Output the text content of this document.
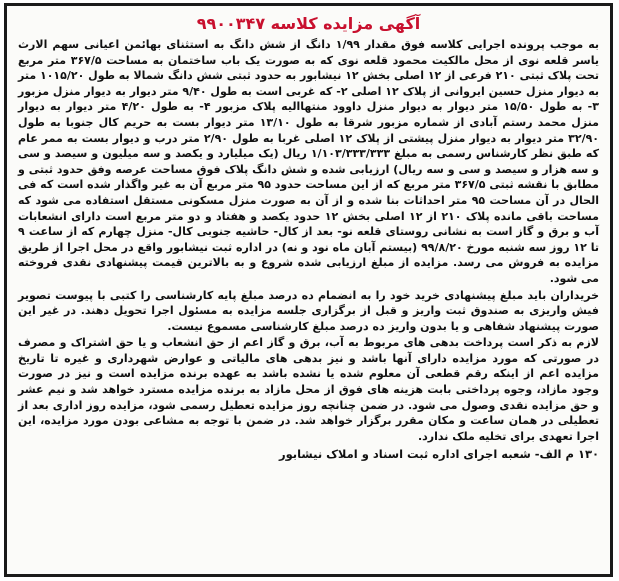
آگهی مزایده کلاسه ۹۹۰۰۳۴۷

به موجب پرونده اجرایی کلاسه فوق مقدار ۱/۹۹ دانگ از شش دانگ به استثنای بهائمن اعیانی سهم الارث یاسر قلعه نوی از محل مالکیت محمود قلعه نوی که به صورت یک باب ساختمان به مساحت ۳۶۷/۵ متر مربع تحت پلاک ثبتی ۲۱۰ فرعی از ۱۲ اصلی بخش ۱۲ نیشابور به حدود ثبتی شش دانگ شمالا به طول ۱۰۱۵/۲۰ متر به دیوار منزل حسین ایروانی از پلاک ۱۲ اصلی ۲- که غربی است به طول ۹/۴۰ متر دیوار به دیوار منزل مزبور ۳- به طول ۱۵/۵۰ متر دیوار به دیوار منزل داوود منتهاالیه پلاک مزبور ۴- به طول ۴/۲۰ متر دیوار به دیوار منزل محمد رستم آبادی از شماره مزبور شرقا به طول ۱۳/۱۰ متر دیوار بست به حریم کال جنوبا به طول ۳۲/۹۰ متر دیوار به دیوار منزل پیشتی از پلاک ۱۲ اصلی غربا به طول ۲/۹۰ متر درب و دیوار بست به ممر عام که طبق نظر کارشناس رسمی به مبلغ ۱/۱۰۳/۳۳۳/۳۳۳ ریال (یک میلیارد و یکصد و سه میلیون و سیصد و سی و سه هزار و سیصد و سی و سه ریال) ارزیابی شده و شش دانگ پلاک فوق مساحت عرصه وفق حدود ثبتی و مطابق با نقشه ثبتی ۳۶۷/۵ متر مربع که از این مساحت حدود ۹۵ متر مربع آن به غیر واگذار شده است که فی الحال در آن مساحت ۹۵ متر احداثات بنا شده و از آن به صورت منزل مسکونی مستقل استفاده می شود که مساحت باقی مانده پلاک ۲۱۰ از ۱۲ اصلی بخش ۱۲ حدود یکصد و هفتاد و دو متر مربع است دارای انشعابات آب و برق و گاز است به نشانی روستای قلعه نو- بعد از کال- حاشیه جنوبی کال- منزل چهارم که از ساعت ۹ تا ۱۲ روز سه شنبه مورخ ۹۹/۸/۲۰ (بیستم آبان ماه نود و نه) در اداره ثبت نیشابور واقع در محل اجرا از طریق مزایده به فروش می رسد. مزایده از مبلغ ارزیابی شده شروع و به بالاترین قیمت پیشنهادی نقدی فروخته می شود.

خریداران باید مبلغ پیشنهادی خرید خود را به انضمام ده درصد مبلغ پایه کارشناسی را کتبی با پیوست تصویر فیش واریزی به صندوق ثبت واریز و قبل از برگزاری جلسه مزایده به مسئول اجرا تحویل دهند. در غیر این صورت پیشنهاد شفاهی و یا بدون واریز ده درصد مبلغ کارشناسی مسموع نیست.

لازم به ذکر است پرداخت بدهی های مربوط به آب، برق و گاز اعم از حق انشعاب و یا حق اشتراک و مصرف در صورتی که مورد مزایده دارای آنها باشد و نیز بدهی های مالیاتی و عوارض شهرداری و غیره تا تاریخ مزایده اعم از اینکه رقم قطعی آن معلوم شده یا نشده باشد به عهده برنده مزایده است و نیز در صورت وجود مازاد، وجوه پرداختی بابت هزینه های فوق از محل مازاد به برنده مزایده مسترد خواهد شد و نیم عشر و حق مزایده نقدی وصول می شود. در ضمن چنانچه روز مزایده تعطیل رسمی شود، مزایده روز اداری بعد از تعطیلی در همان ساعت و مکان مقرر برگزار خواهد شد. در ضمن با توجه به مشاعی بودن مورد مزایده، این اجرا تعهدی برای تخلیه ملک ندارد.

۱۳۰ م الف- شعبه اجرای اداره ثبت اسناد و املاک نیشابور
